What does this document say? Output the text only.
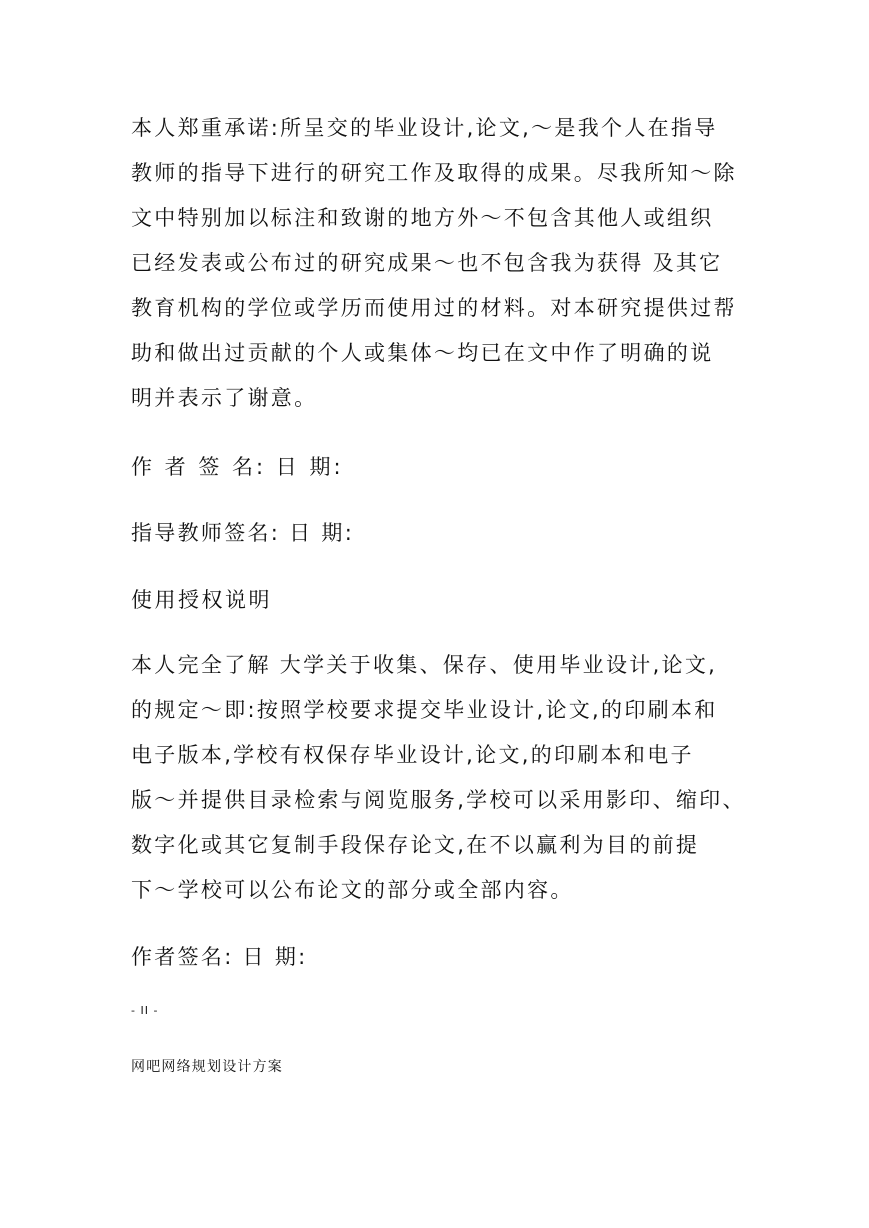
本人郑重承诺:所呈交的毕业设计,论文,～是我个人在指导
教师的指导下进行的研究工作及取得的成果。尽我所知～除
文中特别加以标注和致谢的地方外～不包含其他人或组织
已经发表或公布过的研究成果～也不包含我为获得 及其它
教育机构的学位或学历而使用过的材料。对本研究提供过帮
助和做出过贡献的个人或集体～均已在文中作了明确的说
明并表示了谢意。
作 者 签 名: 日 期:
指导教师签名: 日 期:
使用授权说明
本人完全了解 大学关于收集、保存、使用毕业设计,论文,
的规定～即:按照学校要求提交毕业设计,论文,的印刷本和
电子版本,学校有权保存毕业设计,论文,的印刷本和电子
版～并提供目录检索与阅览服务,学校可以采用影印、缩印、
数字化或其它复制手段保存论文,在不以赢利为目的前提
下～学校可以公布论文的部分或全部内容。
作者签名: 日 期:
- II -
网吧网络规划设计方案
